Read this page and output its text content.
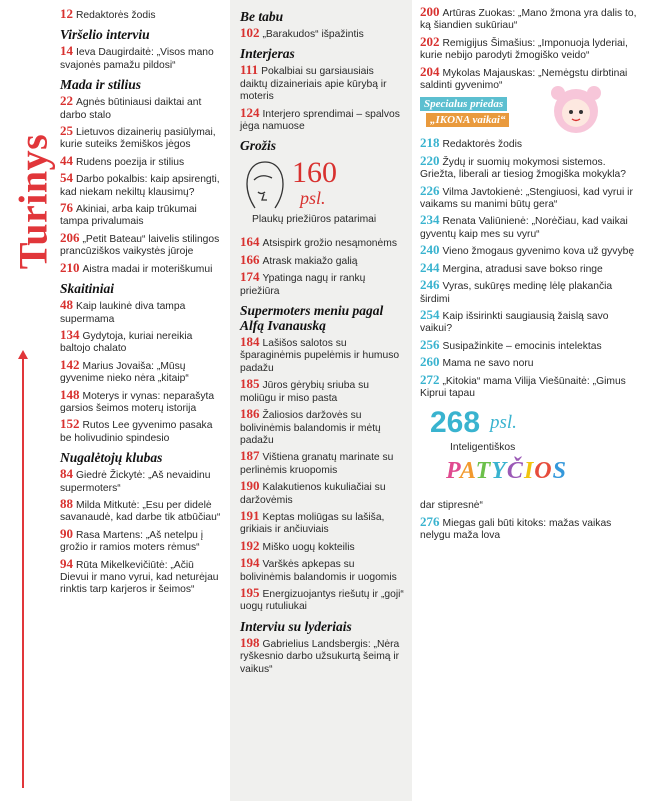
Turinys
12 Redaktorės žodis
Viršelio interviu
14 Ieva Daugirdaitė: „Visos mano svajonės pamažu pildosi“
Mada ir stilius
22 Agnės būtiniausi daiktai ant darbo stalo
25 Lietuvos dizainerių pasiūlymai, kurie suteiks žemiškos jėgos
44 Rudens poezija ir stilius
54 Darbo pokalbis: kaip apsirengti, kad niekam nekiltų klausimų?
76 Akiniai, arba kaip trūkumai tampa privalumais
206 „Petit Bateau“ laivelis stilingos prancūziškos vaikystės jūroje
210 Aistra madai ir moteriškumui
Skaitiniai
48 Kaip laukinė diva tampa supermama
134 Gydytoja, kuriai nereikia baltojo chalato
142 Marius Jovaiša: „Mūsų gyvenime nieko nėra „kitaip“
148 Moterys ir vynas: neparašyta garsios šeimos moterų istorija
152 Rutos Lee gyvenimo pasaka be holivudinio spindesio
Nugalėtojų klubas
84 Giedrė Žickytė: „Aš nevaidinu supermoters“
88 Milda Mitkutė: „Esu per didelė savanaudė, kad darbe tik atbūčiau“
90 Rasa Martens: „Aš netelpu į grožio ir ramios moters rėmus“
94 Rūta Mikelkevičiūtė: „Ačiū Dievui ir mano vyrui, kad neturėjau rinktis tarp karjeros ir šeimos“
Be tabu
102 „Barakudos“ išpažintis
Interjeras
111 Pokalbiai su garsiausiais daiktų dizaineriais apie kūrybą ir moteris
124 Interjero sprendimai – spalvos jėga namuose
Grožis
160
psl.
Plaukų priežiūros patarimai
164 Atsispirk grožio nesąmonėms
166 Atrask makiažo galią
174 Ypatinga nagų ir rankų priežiūra
Supermoters meniu pagal Alfą Ivanauską
184 Lašišos salotos su šparaginėmis pupelėmis ir humuso padažu
185 Jūros gėrybių sriuba su moliūgu ir miso pasta
186 Žaliosios daržovės su bolivinėmis balandomis ir mėtų padažu
187 Vištiena granatų marinate su perlinėmis kruopomis
190 Kalakutienos kukuliačiai su daržovėmis
191 Keptas moliūgas su lašiša, grikiais ir ančiuviais
192 Miško uogų kokteilis
194 Varškės apkepas su bolivinėmis balandomis ir uogomis
195 Energizuojantys riešutų ir „goji“ uogų rutuliukai
Interviu su lyderiais
198 Gabrielius Landsbergis: „Nėra ryškesnio darbo užsukurtą šeimą ir vaikus“
200 Artūras Zuokas: „Mano žmona yra dalis to, ką šiandien sukūriau“
202 Remigijus Šimašius: „Imponuoja lyderiai, kurie nebijo parodyti žmogiško veido“
204 Mykolas Majauskas: „Nemėgstu dirbtinai saldinti gyvenimo“
Specialus priedas
„IKONA vaikai“
218 Redaktorės žodis
220 Žydų ir suomių mokymosi sistemos. Griežta, liberali ar tiesiog žmogiška mokykla?
226 Vilma Javtokienė: „Stengiuosi, kad vyrui ir vaikams su manimi būtų gera“
234 Renata Valiūnienė: „Norėčiau, kad vaikai gyventų kaip mes su vyru“
240 Vieno žmogaus gyvenimo kova už gyvybę
244 Mergina, atradusi save bokso ringe
246 Vyras, sukūręs medinę lėlę plakančia širdimi
254 Kaip išsirinkti saugiausią žaislą savo vaikui?
256 Susipažinkite – emocinis intelektas
260 Mama ne savo noru
272 „Kitokia“ mama Vilija Viešūnaitė: „Gimus Kiprui tapau
268 psl.
Inteligentiškos
PATYČIOS
dar stipresnė“
276 Miegas gali būti kitoks: mažas vaikas nelygu maža lova
